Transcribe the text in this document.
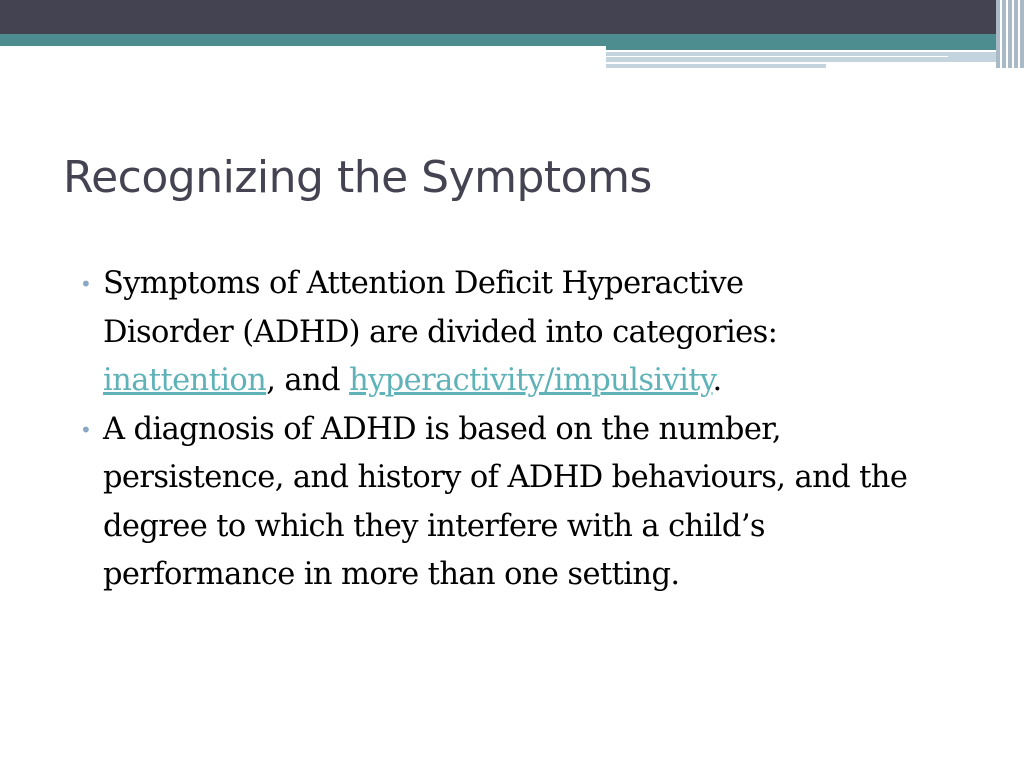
Recognizing the Symptoms
• Symptoms of Attention Deficit Hyperactive
Disorder (ADHD) are divided into categories:
inattention, and hyperactivity/impulsivity.
• A diagnosis of ADHD is based on the number, persistence, and history of ADHD behaviours, and the degree to which they interfere with a child’s performance in more than one setting.
